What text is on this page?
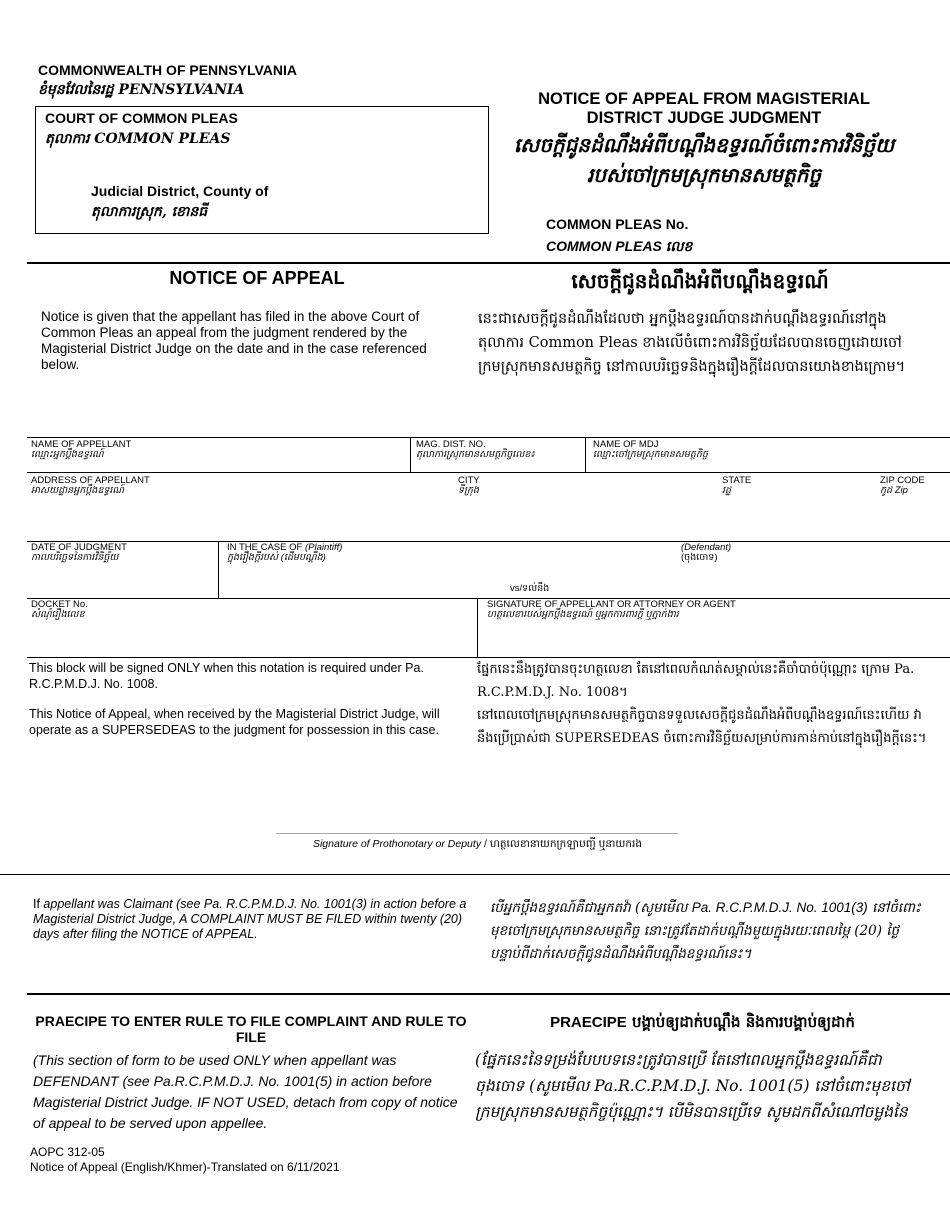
COMMONWEALTH OF PENNSYLVANIA
ខំមុនវែលនៃរដ្ឋ PENNSYLVANIA
COURT OF COMMON PLEAS
តុលាការ COMMON PLEAS
Judicial District, County of
តុលាការស្រុក, ខោនធី
NOTICE OF APPEAL FROM MAGISTERIAL
DISTRICT JUDGE JUDGMENT
សេចក្ដីជូនដំណឹងអំពីបណ្ដឹងឧទ្ធរណ៍ចំពោះការវិនិច្ឆ័យ
របស់ចៅក្រមស្រុកមានសមត្ថកិច្ច
COMMON PLEAS No.
COMMON PLEAS លេខ
NOTICE OF APPEAL	សេចក្ដីជូនដំណឹងអំពីបណ្ដឹងឧទ្ធរណ៍
Notice is given that the appellant has filed in the above Court of Common Pleas an appeal from the judgment rendered by the Magisterial District Judge on the date and in the case referenced below.
នេះជាសេចក្ដីជូនដំណឹងដែលថា អ្នកប្ដឹងឧទ្ធរណ៍បានដាក់បណ្ដឹងឧទ្ធរណ៍នៅក្នុងតុលាការ Common Pleas ខាងលើចំពោះការវិនិច្ឆ័យដែលបានចេញដោយចៅក្រមស្រុកមានសមត្ថកិច្ច នៅកាលបរិច្ឆេទនិងក្នុងរឿងក្ដីដែលបានយោងខាងក្រោម។
NAME OF APPELLANT
ឈ្មោះអ្នកប្ដឹងឧទ្ធរណ៍
MAG. DIST. NO.
តុលាការស្រុកមានសមត្ថកិច្ចលេខ៖
NAME OF MDJ
ឈ្មោះចៅក្រមស្រុកមានសមត្ថកិច្ច
ADDRESS OF APPELLANT
អាសយដ្ឋានអ្នកប្ដឹងឧទ្ធរណ៍
CITY
ទីក្រុង
STATE
រដ្ឋ
ZIP CODE
កូដ Zip
DATE OF JUDGMENT
កាលបរិច្ឆេទនៃការវិនិច្ឆ័យ
IN THE CASE OF (Plaintiff)
ក្នុងរឿងក្ដីរបស់ (ដើមបណ្ដឹង)
(Defendant)
(ចុងចោទ)
vs/ទល់នឹង
DOCKET No.
សំណុំរឿងលេខ
SIGNATURE OF APPELLANT OR ATTORNEY OR AGENT
ហត្ថលេខារបស់អ្នកប្ដឹងឧទ្ធរណ៍ ឬអ្នកការពារក្ដី ឬភ្នាក់ងារ
This block will be signed ONLY when this notation is required under Pa. R.C.P.M.D.J. No. 1008.
This Notice of Appeal, when received by the Magisterial District Judge, will operate as a SUPERSEDEAS to the judgment for possession in this case.
ផ្នែកនេះនឹងត្រូវបានចុះហត្ថលេខា តែនៅពេលកំណត់សម្គាល់នេះគឺចាំបាច់ប៉ុណ្ណោះ ក្រោម Pa. R.C.P.M.D.J. No. 1008។
នៅពេលចៅក្រមស្រុកមានសមត្ថកិច្ចបានទទួលសេចក្ដីជូនដំណឹងអំពីបណ្ដឹងឧទ្ធរណ៍នេះហើយ វានឹងប្រើប្រាស់ជា SUPERSEDEAS ចំពោះការវិនិច្ឆ័យសម្រាប់ការកាន់កាប់នៅក្នុងរឿងក្ដីនេះ។
Signature of Prothonotary or Deputy / ហត្ថលេខានាយកក្រឡាបញ្ជី ឬនាយករង
If appellant was Claimant (see Pa. R.C.P.M.D.J. No. 1001(3) in action before a Magisterial District Judge, A COMPLAINT MUST BE FILED within twenty (20) days after filing the NOTICE of APPEAL.
បើអ្នកប្ដឹងឧទ្ធរណ៍គឺជាអ្នកតវ៉ា (សូមមើល Pa. R.C.P.M.D.J. No. 1001(3) នៅចំពោះមុខចៅក្រមស្រុកមានសមត្ថកិច្ច នោះត្រូវតែដាក់បណ្ដឹងមួយក្នុងរយៈពេលម្ភៃ (20) ថ្ងៃ បន្ទាប់ពីដាក់សេចក្ដីជូនដំណឹងអំពីបណ្ដឹងឧទ្ធរណ៍នេះ។
PRAECIPE TO ENTER RULE TO FILE COMPLAINT AND RULE TO FILE
PRAECIPE បង្គាប់ឲ្យដាក់បណ្ដឹង និងការបង្គាប់ឲ្យដាក់
(This section of form to be used ONLY when appellant was DEFENDANT (see Pa.R.C.P.M.D.J. No. 1001(5) in action before Magisterial District Judge. IF NOT USED, detach from copy of notice of appeal to be served upon appellee.
(ផ្នែកនេះនៃទម្រង់បែបបទនេះត្រូវបានប្រើ តែនៅពេលអ្នកប្ដឹងឧទ្ធរណ៍គឺជាចុងចោទ (សូមមើល Pa.R.C.P.M.D.J. No. 1001(5) នៅចំពោះមុខចៅក្រមស្រុកមានសមត្ថកិច្ចប៉ុណ្ណោះ។ បើមិនបានប្រើទេ សូមដកពីសំណៅចម្លងនៃ
AOPC 312-05
Notice of Appeal (English/Khmer)-Translated on 6/11/2021
